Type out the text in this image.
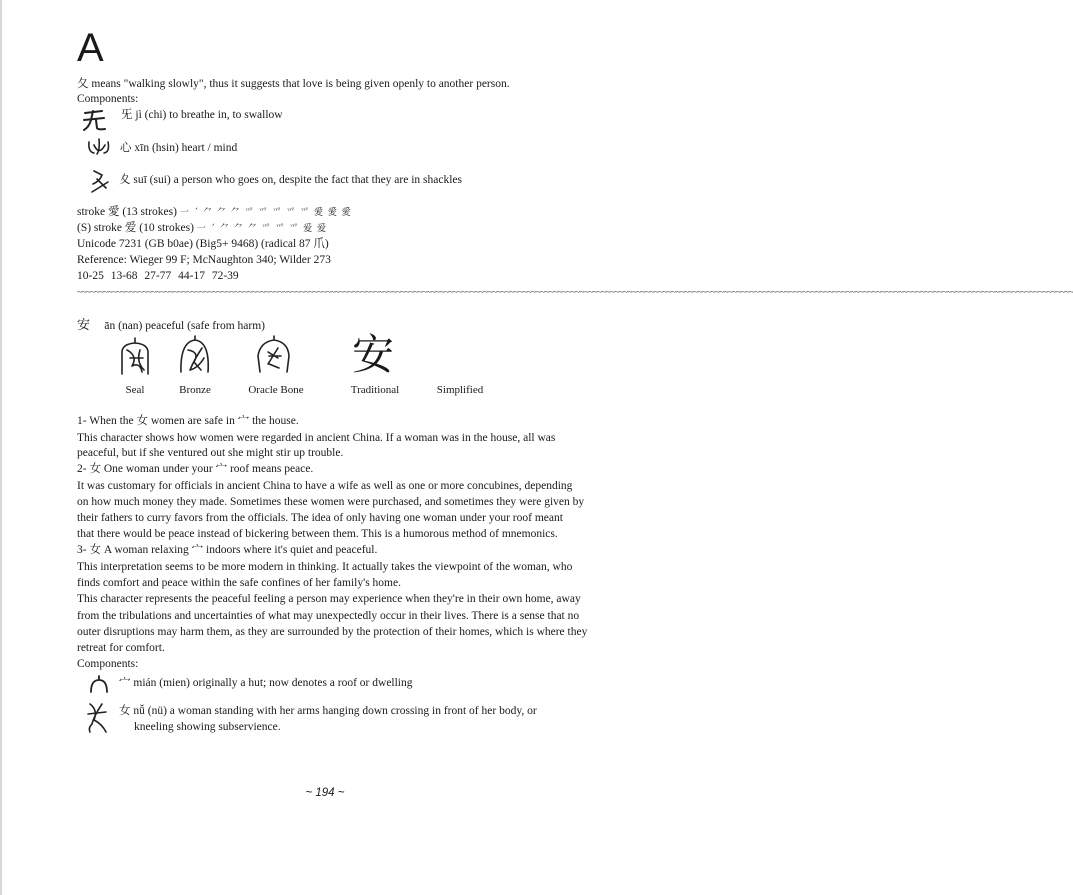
A
夂 means "walking slowly", thus it suggests that love is being given openly to another person.
Components:
旡 jì (chi) to breathe in, to swallow
心 xīn (hsin) heart / mind
夊 suī (sui) a person who goes on, despite the fact that they are in shackles
stroke 愛 (13 strokes) 一 ˊ ⺈ ⺈ ⺈ 爫 爫 爫 爫 爫 愛 愛 愛
(S) stroke 爱 (10 strokes) 一 ˊ ⺈ ⺈ ⺈ 爫 爫 爫 爱 爱
Unicode 7231 (GB b0ae) (Big5+ 9468) (radical 87 爪)
Reference: Wieger 99 F; McNaughton 340; Wilder 273
10-25 13-68 27-77 44-17 72-39
~~~~~~~~~~~~~~~~~~~~~~~~~~~~~~~~~~~~~~~~~~~~~~~~~~~~~~~~~~~~~~~~~~~~~~~~~~~~~~~~~~~~~~~~~~~~~~~~~~~~~~~~~~~~~~~~~~~~~~~~~~~~~~~~~~~~~~~~~~~~~~~~~~~~~~~~~~~~~~~~~~~~~~~~~~~~~~~~~~~~~~~~~~~~~~~~~~~~~~~~~~~~~~~~~~~~~~~~~~~~~~~~~~~~
安 ān (nan) peaceful (safe from harm)
Seal	Bronze	Oracle Bone
安
Traditional	Simplified
1- When the 女 women are safe in 宀 the house.
This character shows how women were regarded in ancient China. If a woman was in the house, all was
peaceful, but if she ventured out she might stir up trouble.
2- 女 One woman under your 宀 roof means peace.
It was customary for officials in ancient China to have a wife as well as one or more concubines, depending
on how much money they made. Sometimes these women were purchased, and sometimes they were given by
their fathers to curry favors from the officials. The idea of only having one woman under your roof meant
that there would be peace instead of bickering between them. This is a humorous method of mnemonics.
3- 女 A woman relaxing 宀 indoors where it's quiet and peaceful.
This interpretation seems to be more modern in thinking. It actually takes the viewpoint of the woman, who
finds comfort and peace within the safe confines of her family's home.
This character represents the peaceful feeling a person may experience when they're in their own home, away
from the tribulations and uncertainties of what may unexpectedly occur in their lives. There is a sense that no
outer disruptions may harm them, as they are surrounded by the protection of their homes, which is where they
retreat for comfort.
Components:
宀 mián (mien) originally a hut; now denotes a roof or dwelling
女 nǚ (nü) a woman standing with her arms hanging down crossing in front of her body, or
kneeling showing subservience.
~ 194 ~
